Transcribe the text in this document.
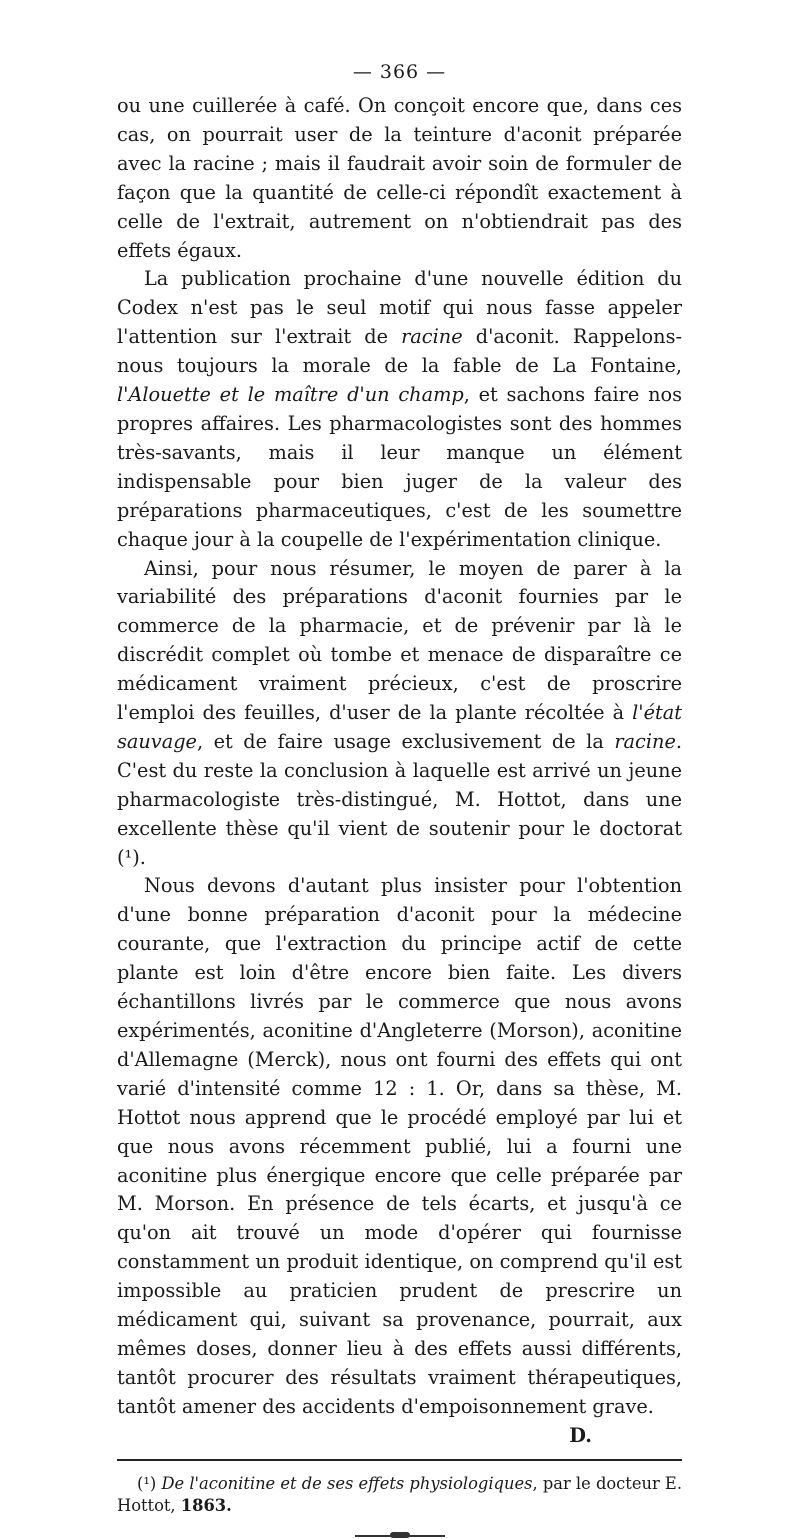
— 366 —

ou une cuillerée à café. On conçoit encore que, dans ces cas, on pourrait user de la teinture d'aconit préparée avec la racine ; mais il faudrait avoir soin de formuler de façon que la quantité de celle-ci répondît exactement à celle de l'extrait, autrement on n'obtiendrait pas des effets égaux.

La publication prochaine d'une nouvelle édition du Codex n'est pas le seul motif qui nous fasse appeler l'attention sur l'extrait de racine d'aconit. Rappelons-nous toujours la morale de la fable de La Fontaine, l'Alouette et le maître d'un champ, et sachons faire nos propres affaires. Les pharmacologistes sont des hommes très-savants, mais il leur manque un élément indispensable pour bien juger de la valeur des préparations pharmaceutiques, c'est de les soumettre chaque jour à la coupelle de l'expérimentation clinique.

Ainsi, pour nous résumer, le moyen de parer à la variabilité des préparations d'aconit fournies par le commerce de la pharmacie, et de prévenir par là le discrédit complet où tombe et menace de disparaître ce médicament vraiment précieux, c'est de proscrire l'emploi des feuilles, d'user de la plante récoltée à l'état sauvage, et de faire usage exclusivement de la racine. C'est du reste la conclusion à laquelle est arrivé un jeune pharmacologiste très-distingué, M. Hottot, dans une excellente thèse qu'il vient de soutenir pour le doctorat (¹).

Nous devons d'autant plus insister pour l'obtention d'une bonne préparation d'aconit pour la médecine courante, que l'extraction du principe actif de cette plante est loin d'être encore bien faite. Les divers échantillons livrés par le commerce que nous avons expérimentés, aconitine d'Angleterre (Morson), aconitine d'Allemagne (Merck), nous ont fourni des effets qui ont varié d'intensité comme 12 : 1. Or, dans sa thèse, M. Hottot nous apprend que le procédé employé par lui et que nous avons récemment publié, lui a fourni une aconitine plus énergique encore que celle préparée par M. Morson. En présence de tels écarts, et jusqu'à ce qu'on ait trouvé un mode d'opérer qui fournisse constamment un produit identique, on comprend qu'il est impossible au praticien prudent de prescrire un médicament qui, suivant sa provenance, pourrait, aux mêmes doses, donner lieu à des effets aussi différents, tantôt procurer des résultats vraiment thérapeutiques, tantôt amener des accidents d'empoisonnement grave.
D.

(¹) De l'aconitine et de ses effets physiologiques, par le docteur E. Hottot, 1863.
